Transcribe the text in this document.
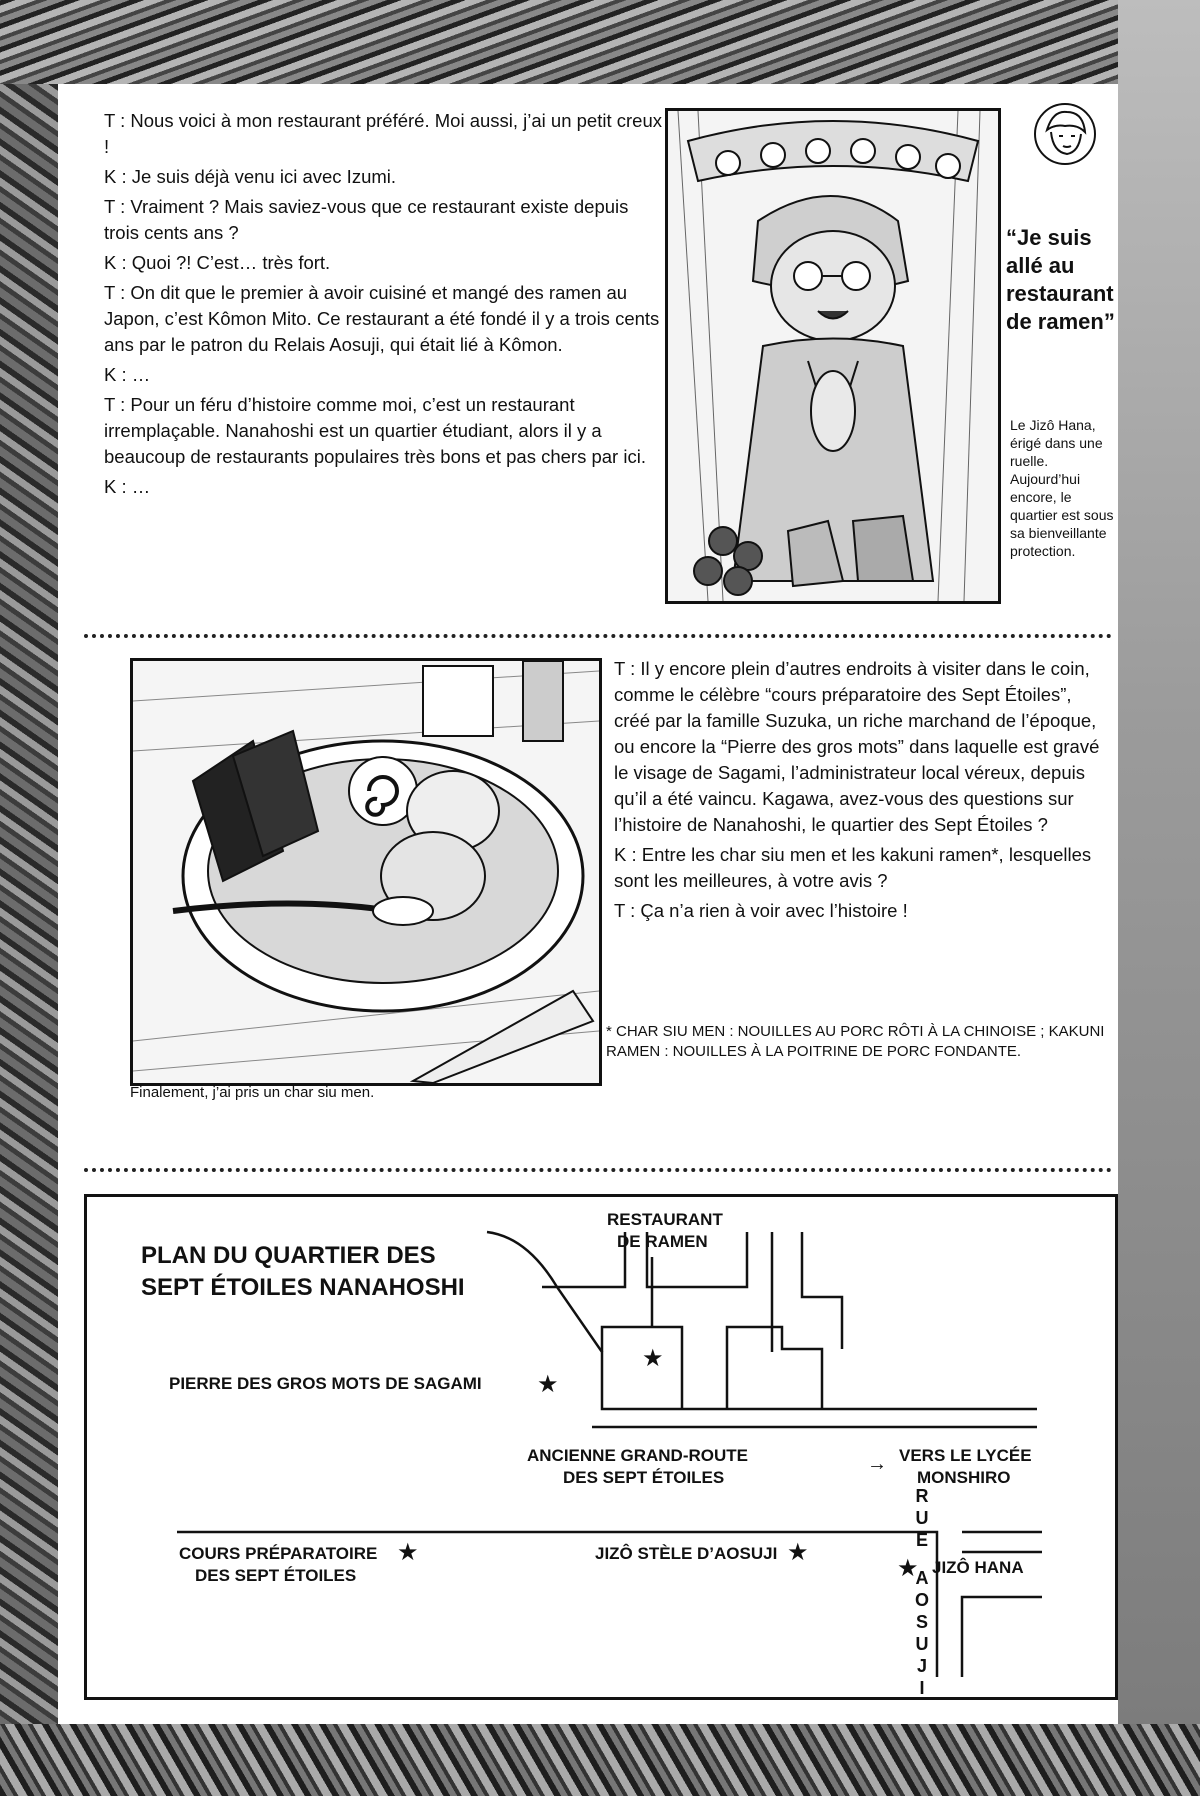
T : Nous voici à mon restaurant préféré. Moi aussi, j’ai un petit creux !

K : Je suis déjà venu ici avec Izumi.

T : Vraiment ? Mais saviez-vous que ce restaurant existe depuis trois cents ans ?

K : Quoi ?! C’est… très fort.

T : On dit que le premier à avoir cuisiné et mangé des ramen au Japon, c’est Kômon Mito. Ce restaurant a été fondé il y a trois cents ans par le patron du Relais Aosuji, qui était lié à Kômon.

K : …

T : Pour un féru d’histoire comme moi, c’est un restaurant irremplaçable. Nanahoshi est un quartier étudiant, alors il y a beaucoup de restaurants populaires très bons et pas chers par ici.

K : …

“Je suis allé au restaurant de ramen”
Le Jizô Hana, érigé dans une ruelle. Aujourd’hui encore, le quartier est sous sa bienveillante protection.
Finalement, j’ai pris un char siu men.

T : Il y encore plein d’autres endroits à visiter dans le coin, comme le célèbre “cours préparatoire des Sept Étoiles”, créé par la famille Suzuka, un riche marchand de l’époque, ou encore la “Pierre des gros mots” dans laquelle est gravé le visage de Sagami, l’administrateur local véreux, depuis qu’il a été vaincu. Kagawa, avez-vous des questions sur l’histoire de Nanahoshi, le quartier des Sept Étoiles ?

K : Entre les char siu men et les kakuni ramen*, lesquelles sont les meilleures, à votre avis ?

T : Ça n’a rien à voir avec l’histoire !

* CHAR SIU MEN : NOUILLES AU PORC RÔTI À LA CHINOISE ; KAKUNI RAMEN : NOUILLES À LA POITRINE DE PORC FONDANTE.
PLAN DU QUARTIER DES
SEPT ÉTOILES NANAHOSHI
RESTAURANT
DE RAMEN
★
PIERRE DES GROS MOTS DE SAGAMI ★
ANCIENNE GRAND-ROUTE
DES SEPT ÉTOILES
→ VERS LE LYCÉE
MONSHIRO
COURS PRÉPARATOIRE
DES SEPT ÉTOILES
★	JIZÔ STÈLE D’AOSUJI ★
★ JIZÔ HANA
R
U
E
A
O
S
U
J
I
